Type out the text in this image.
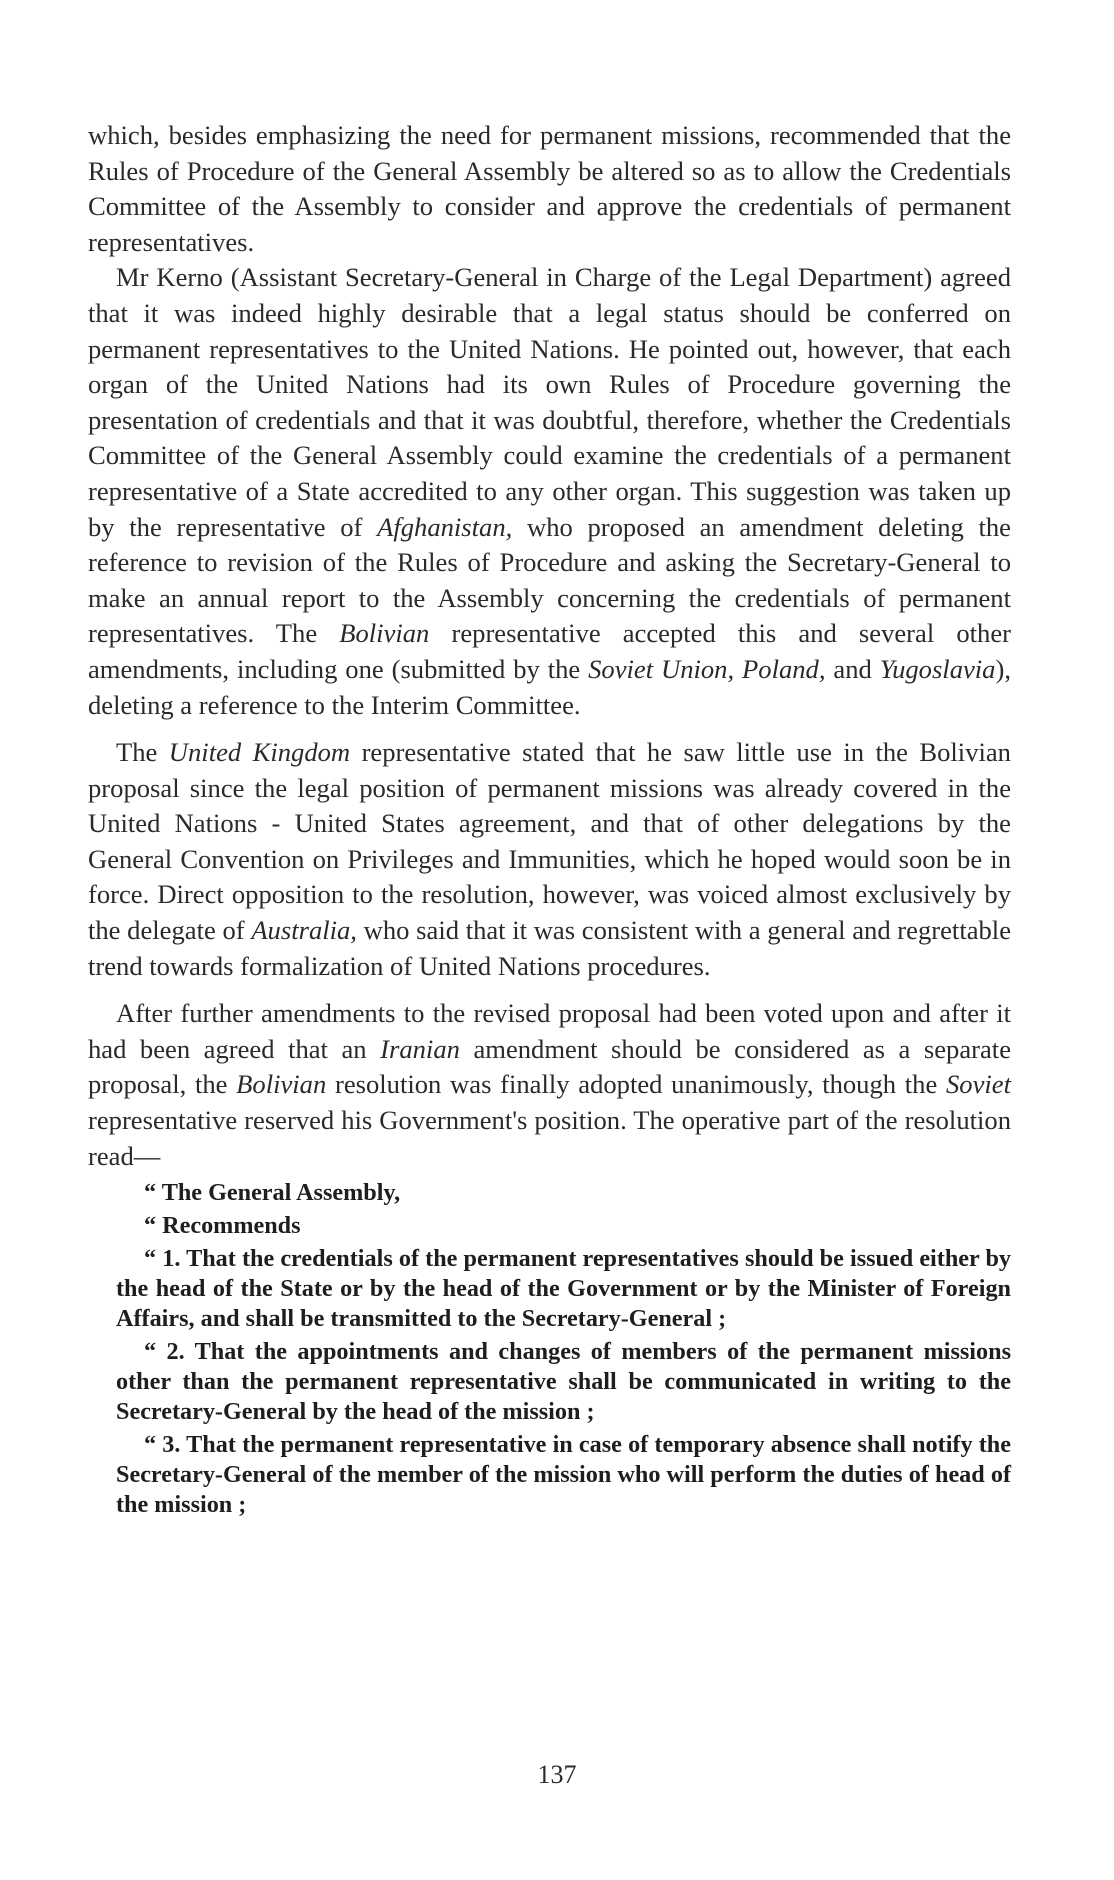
which, besides emphasizing the need for permanent missions, recommended that the Rules of Procedure of the General Assembly be altered so as to allow the Credentials Committee of the Assembly to consider and approve the credentials of permanent representatives.

Mr Kerno (Assistant Secretary-General in Charge of the Legal Department) agreed that it was indeed highly desirable that a legal status should be conferred on permanent representatives to the United Nations. He pointed out, however, that each organ of the United Nations had its own Rules of Procedure governing the presentation of credentials and that it was doubtful, therefore, whether the Credentials Committee of the General Assembly could examine the credentials of a permanent representative of a State accredited to any other organ. This suggestion was taken up by the representative of Afghanistan, who proposed an amendment deleting the reference to revision of the Rules of Procedure and asking the Secretary-General to make an annual report to the Assembly concerning the credentials of permanent representatives. The Bolivian representative accepted this and several other amendments, including one (submitted by the Soviet Union, Poland, and Yugoslavia), deleting a reference to the Interim Committee.

The United Kingdom representative stated that he saw little use in the Bolivian proposal since the legal position of permanent missions was already covered in the United Nations - United States agreement, and that of other delegations by the General Convention on Privileges and Immunities, which he hoped would soon be in force. Direct opposition to the resolution, however, was voiced almost exclusively by the delegate of Australia, who said that it was consistent with a general and regrettable trend towards formalization of United Nations procedures.

After further amendments to the revised proposal had been voted upon and after it had been agreed that an Iranian amendment should be considered as a separate proposal, the Bolivian resolution was finally adopted unanimously, though the Soviet representative reserved his Government's position. The operative part of the resolution read—

“ The General Assembly,

“ Recommends

“ 1. That the credentials of the permanent representatives should be issued either by the head of the State or by the head of the Government or by the Minister of Foreign Affairs, and shall be transmitted to the Secretary-General ;

“ 2. That the appointments and changes of members of the permanent missions other than the permanent representative shall be communicated in writing to the Secretary-General by the head of the mission ;

“ 3. That the permanent representative in case of temporary absence shall notify the Secretary-General of the member of the mission who will perform the duties of head of the mission ;

137
